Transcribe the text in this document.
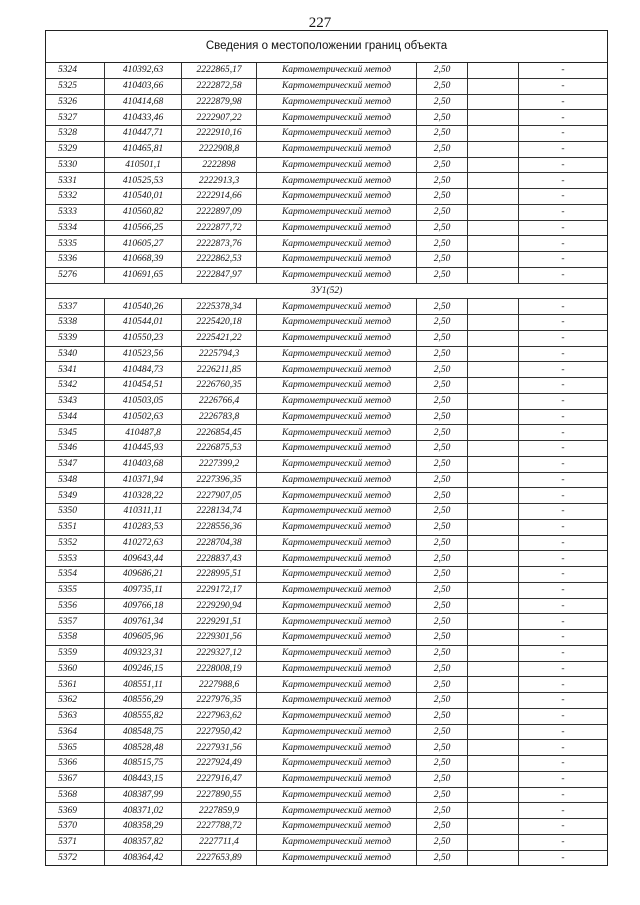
227
Сведения о местоположении границ объекта
5324	410392,63	2222865,17	Картометрический метод	2,50		-
5325	410403,66	2222872,58	Картометрический метод	2,50		-
5326	410414,68	2222879,98	Картометрический метод	2,50		-
5327	410433,46	2222907,22	Картометрический метод	2,50		-
5328	410447,71	2222910,16	Картометрический метод	2,50		-
5329	410465,81	2222908,8	Картометрический метод	2,50		-
5330	410501,1	2222898	Картометрический метод	2,50		-
5331	410525,53	2222913,3	Картометрический метод	2,50		-
5332	410540,01	2222914,66	Картометрический метод	2,50		-
5333	410560,82	2222897,09	Картометрический метод	2,50		-
5334	410566,25	2222877,72	Картометрический метод	2,50		-
5335	410605,27	2222873,76	Картометрический метод	2,50		-
5336	410668,39	2222862,53	Картометрический метод	2,50		-
5276	410691,65	2222847,97	Картометрический метод	2,50		-
ЗУ1(52)						
5337	410540,26	2225378,34	Картометрический метод	2,50		-
5338	410544,01	2225420,18	Картометрический метод	2,50		-
5339	410550,23	2225421,22	Картометрический метод	2,50		-
5340	410523,56	2225794,3	Картометрический метод	2,50		-
5341	410484,73	2226211,85	Картометрический метод	2,50		-
5342	410454,51	2226760,35	Картометрический метод	2,50		-
5343	410503,05	2226766,4	Картометрический метод	2,50		-
5344	410502,63	2226783,8	Картометрический метод	2,50		-
5345	410487,8	2226854,45	Картометрический метод	2,50		-
5346	410445,93	2226875,53	Картометрический метод	2,50		-
5347	410403,68	2227399,2	Картометрический метод	2,50		-
5348	410371,94	2227396,35	Картометрический метод	2,50		-
5349	410328,22	2227907,05	Картометрический метод	2,50		-
5350	410311,11	2228134,74	Картометрический метод	2,50		-
5351	410283,53	2228556,36	Картометрический метод	2,50		-
5352	410272,63	2228704,38	Картометрический метод	2,50		-
5353	409643,44	2228837,43	Картометрический метод	2,50		-
5354	409686,21	2228995,51	Картометрический метод	2,50		-
5355	409735,11	2229172,17	Картометрический метод	2,50		-
5356	409766,18	2229290,94	Картометрический метод	2,50		-
5357	409761,34	2229291,51	Картометрический метод	2,50		-
5358	409605,96	2229301,56	Картометрический метод	2,50		-
5359	409323,31	2229327,12	Картометрический метод	2,50		-
5360	409246,15	2228008,19	Картометрический метод	2,50		-
5361	408551,11	2227988,6	Картометрический метод	2,50		-
5362	408556,29	2227976,35	Картометрический метод	2,50		-
5363	408555,82	2227963,62	Картометрический метод	2,50		-
5364	408548,75	2227950,42	Картометрический метод	2,50		-
5365	408528,48	2227931,56	Картометрический метод	2,50		-
5366	408515,75	2227924,49	Картометрический метод	2,50		-
5367	408443,15	2227916,47	Картометрический метод	2,50		-
5368	408387,99	2227890,55	Картометрический метод	2,50		-
5369	408371,02	2227859,9	Картометрический метод	2,50		-
5370	408358,29	2227788,72	Картометрический метод	2,50		-
5371	408357,82	2227711,4	Картометрический метод	2,50		-
5372	408364,42	2227653,89	Картометрический метод	2,50		-
